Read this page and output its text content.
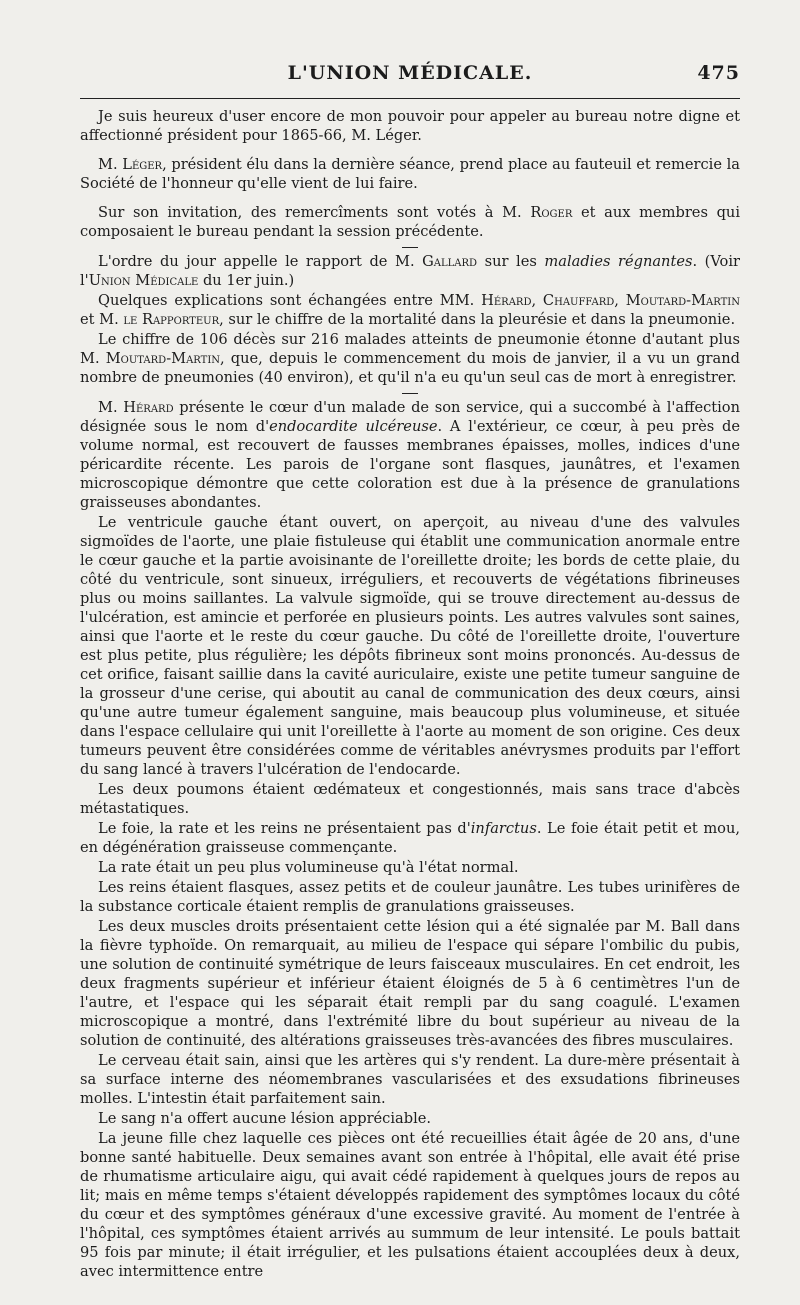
L'UNION MÉDICALE.	475

Je suis heureux d'user encore de mon pouvoir pour appeler au bureau notre digne et affectionné président pour 1865-66, M. Léger.

M. Léger, président élu dans la dernière séance, prend place au fauteuil et remercie la Société de l'honneur qu'elle vient de lui faire.

Sur son invitation, des remercîments sont votés à M. Roger et aux membres qui composaient le bureau pendant la session précédente.

L'ordre du jour appelle le rapport de M. Gallard sur les maladies régnantes. (Voir l'Union Médicale du 1er juin.)

Quelques explications sont échangées entre MM. Hérard, Chauffard, Moutard-Martin et M. le Rapporteur, sur le chiffre de la mortalité dans la pleurésie et dans la pneumonie.

Le chiffre de 106 décès sur 216 malades atteints de pneumonie étonne d'autant plus M. Moutard-Martin, que, depuis le commencement du mois de janvier, il a vu un grand nombre de pneumonies (40 environ), et qu'il n'a eu qu'un seul cas de mort à enregistrer.

M. Hérard présente le cœur d'un malade de son service, qui a succombé à l'affection désignée sous le nom d'endocardite ulcéreuse. A l'extérieur, ce cœur, à peu près de volume normal, est recouvert de fausses membranes épaisses, molles, indices d'une péricardite récente. Les parois de l'organe sont flasques, jaunâtres, et l'examen microscopique démontre que cette coloration est due à la présence de granulations graisseuses abondantes.

Le ventricule gauche étant ouvert, on aperçoit, au niveau d'une des valvules sigmoïdes de l'aorte, une plaie fistuleuse qui établit une communication anormale entre le cœur gauche et la partie avoisinante de l'oreillette droite; les bords de cette plaie, du côté du ventricule, sont sinueux, irréguliers, et recouverts de végétations fibrineuses plus ou moins saillantes. La valvule sigmoïde, qui se trouve directement au-dessus de l'ulcération, est amincie et perforée en plusieurs points. Les autres valvules sont saines, ainsi que l'aorte et le reste du cœur gauche. Du côté de l'oreillette droite, l'ouverture est plus petite, plus régulière; les dépôts fibrineux sont moins prononcés. Au-dessus de cet orifice, faisant saillie dans la cavité auriculaire, existe une petite tumeur sanguine de la grosseur d'une cerise, qui aboutit au canal de communication des deux cœurs, ainsi qu'une autre tumeur également sanguine, mais beaucoup plus volumineuse, et située dans l'espace cellulaire qui unit l'oreillette à l'aorte au moment de son origine. Ces deux tumeurs peuvent être considérées comme de véritables anévrysmes produits par l'effort du sang lancé à travers l'ulcération de l'endocarde.

Les deux poumons étaient œdémateux et congestionnés, mais sans trace d'abcès métastatiques.

Le foie, la rate et les reins ne présentaient pas d'infarctus. Le foie était petit et mou, en dégénération graisseuse commençante.

La rate était un peu plus volumineuse qu'à l'état normal.

Les reins étaient flasques, assez petits et de couleur jaunâtre. Les tubes urinifères de la substance corticale étaient remplis de granulations graisseuses.

Les deux muscles droits présentaient cette lésion qui a été signalée par M. Ball dans la fièvre typhoïde. On remarquait, au milieu de l'espace qui sépare l'ombilic du pubis, une solution de continuité symétrique de leurs faisceaux musculaires. En cet endroit, les deux fragments supérieur et inférieur étaient éloignés de 5 à 6 centimètres l'un de l'autre, et l'espace qui les séparait était rempli par du sang coagulé. L'examen microscopique a montré, dans l'extrémité libre du bout supérieur au niveau de la solution de continuité, des altérations graisseuses très-avancées des fibres musculaires.

Le cerveau était sain, ainsi que les artères qui s'y rendent. La dure-mère présentait à sa surface interne des néomembranes vascularisées et des exsudations fibrineuses molles. L'intestin était parfaitement sain.

Le sang n'a offert aucune lésion appréciable.

La jeune fille chez laquelle ces pièces ont été recueillies était âgée de 20 ans, d'une bonne santé habituelle. Deux semaines avant son entrée à l'hôpital, elle avait été prise de rhumatisme articulaire aigu, qui avait cédé rapidement à quelques jours de repos au lit; mais en même temps s'étaient développés rapidement des symptômes locaux du côté du cœur et des symptômes généraux d'une excessive gravité. Au moment de l'entrée à l'hôpital, ces symptômes étaient arrivés au summum de leur intensité. Le pouls battait 95 fois par minute; il était irrégulier, et les pulsations étaient accouplées deux à deux, avec intermittence entre
